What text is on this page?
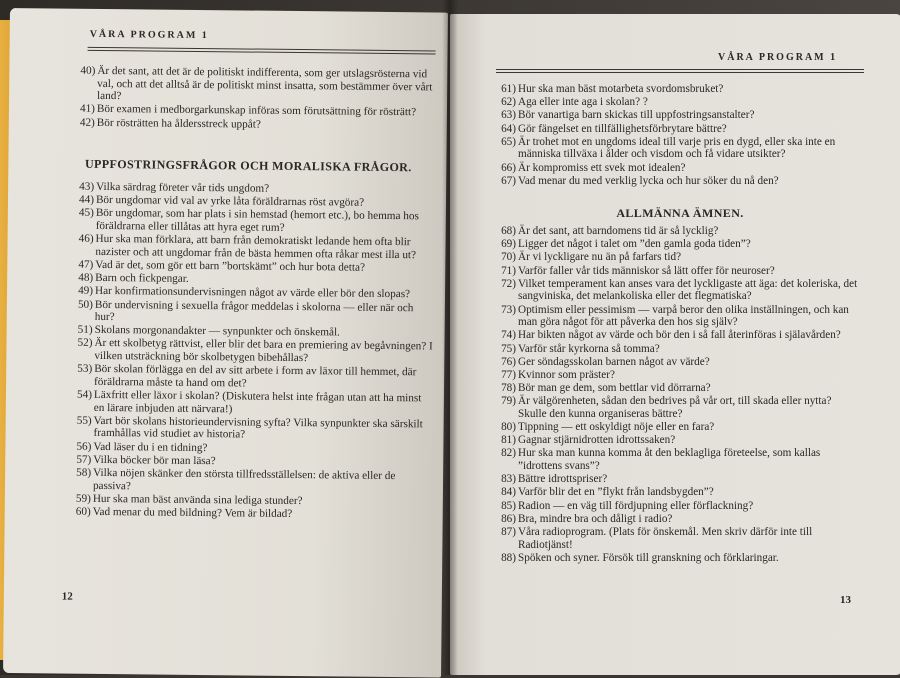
VÅRA PROGRAM 1
40) Är det sant, att det är de politiskt indifferenta, som ger utslagsrösterna vid val, och att det alltså är de politiskt minst insatta, som bestämmer över vårt land?
41) Bör examen i medborgarkunskap införas som förutsättning för rösträtt?
42) Bör rösträtten ha åldersstreck uppåt?
UPPFOSTRINGSFRÅGOR OCH MORALISKA FRÅGOR.
43) Vilka särdrag företer vår tids ungdom?
44) Bör ungdomar vid val av yrke låta föräldrarnas röst avgöra?
45) Bör ungdomar, som har plats i sin hemstad (hemort etc.), bo hemma hos föräldrarna eller tillåtas att hyra eget rum?
46) Hur ska man förklara, att barn från demokratiskt ledande hem ofta blir nazister och att ungdomar från de bästa hemmen ofta råkar mest illa ut?
47) Vad är det, som gör ett barn ”bortskämt” och hur bota detta?
48) Barn och fickpengar.
49) Har konfirmationsundervisningen något av värde eller bör den slopas?
50) Bör undervisning i sexuella frågor meddelas i skolorna — eller när och hur?
51) Skolans morgonandakter — synpunkter och önskemål.
52) Är ett skolbetyg rättvist, eller blir det bara en premiering av begåvningen? I vilken utsträckning bör skolbetygen bibehållas?
53) Bör skolan förlägga en del av sitt arbete i form av läxor till hemmet, där föräldrarna måste ta hand om det?
54) Läxfritt eller läxor i skolan? (Diskutera helst inte frågan utan att ha minst en lärare inbjuden att närvara!)
55) Vart bör skolans historieundervisning syfta? Vilka synpunkter ska särskilt framhållas vid studiet av historia?
56) Vad läser du i en tidning?
57) Vilka böcker bör man läsa?
58) Vilka nöjen skänker den största tillfredsställelsen: de aktiva eller de passiva?
59) Hur ska man bäst använda sina lediga stunder?
60) Vad menar du med bildning? Vem är bildad?
12
VÅRA PROGRAM 1
61) Hur ska man bäst motarbeta svordomsbruket?
62) Aga eller inte aga i skolan? ?
63) Bör vanartiga barn skickas till uppfostringsanstalter?
64) Gör fängelset en tillfällighetsförbrytare bättre?
65) Är trohet mot en ungdoms ideal till varje pris en dygd, eller ska inte en människa tillväxa i ålder och visdom och få vidare utsikter?
66) Är kompromiss ett svek mot idealen?
67) Vad menar du med verklig lycka och hur söker du nå den?
ALLMÄNNA ÄMNEN.
68) Är det sant, att barndomens tid är så lycklig?
69) Ligger det något i talet om ”den gamla goda tiden”?
70) Är vi lyckligare nu än på farfars tid?
71) Varför faller vår tids människor så lätt offer för neuroser?
72) Vilket temperament kan anses vara det lyckligaste att äga: det koleriska, det sangviniska, det melankoliska eller det flegmatiska?
73) Optimism eller pessimism — varpå beror den olika inställningen, och kan man göra något för att påverka den hos sig själv?
74) Har bikten något av värde och bör den i så fall återinföras i själavården?
75) Varför står kyrkorna så tomma?
76) Ger söndagsskolan barnen något av värde?
77) Kvinnor som präster?
78) Bör man ge dem, som bettlar vid dörrarna?
79) Är välgörenheten, sådan den bedrives på vår ort, till skada eller nytta? Skulle den kunna organiseras bättre?
80) Tippning — ett oskyldigt nöje eller en fara?
81) Gagnar stjärnidrotten idrottssaken?
82) Hur ska man kunna komma åt den beklagliga företeelse, som kallas ”idrottens svans”?
83) Bättre idrottspriser?
84) Varför blir det en ”flykt från landsbygden”?
85) Radion — en väg till fördjupning eller förflackning?
86) Bra, mindre bra och dåligt i radio?
87) Våra radioprogram. (Plats för önskemål. Men skriv därför inte till Radiotjänst!
88) Spöken och syner. Försök till granskning och förklaringar.
13
